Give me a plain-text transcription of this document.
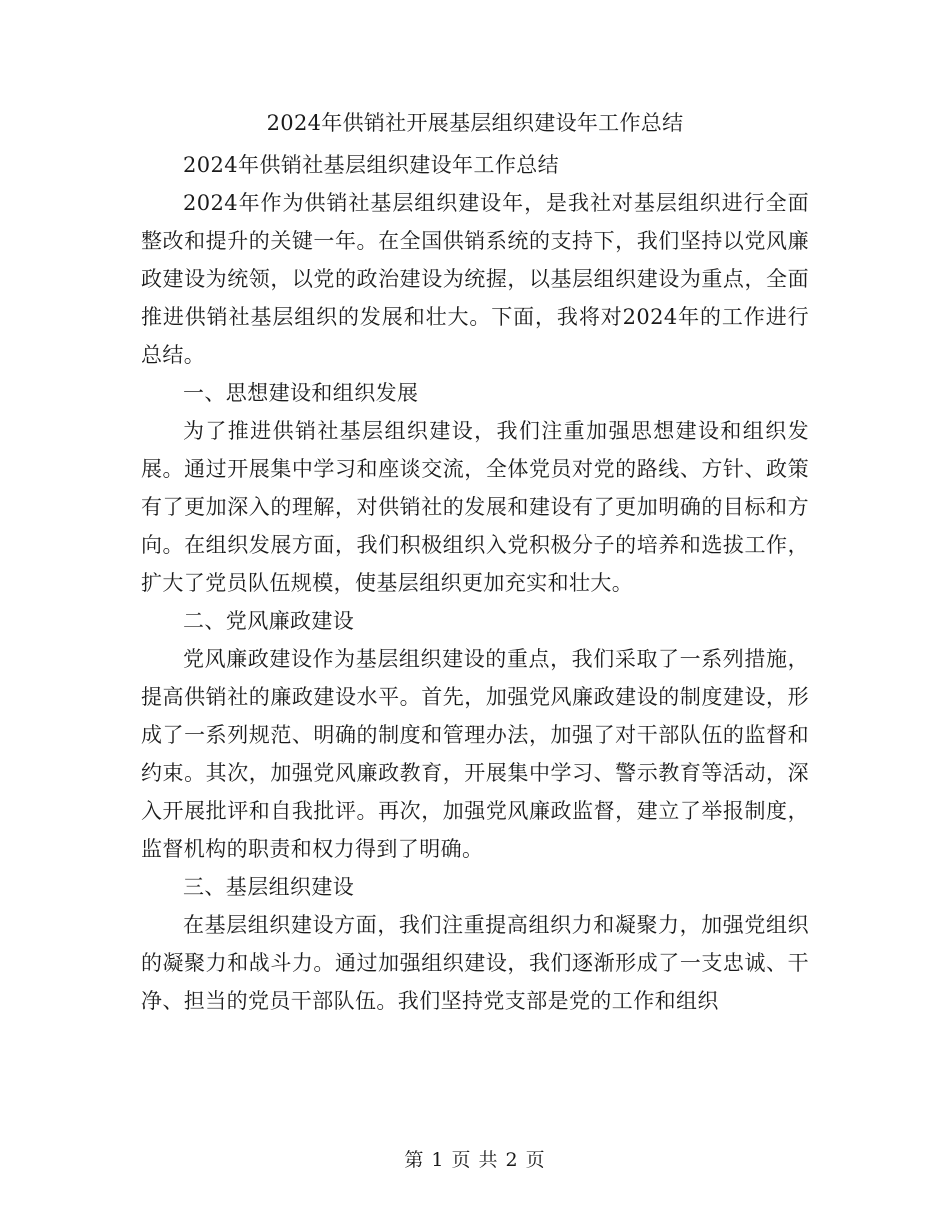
2024年供销社开展基层组织建设年工作总结

2024年供销社基层组织建设年工作总结

2024年作为供销社基层组织建设年，是我社对基层组织进行全面整改和提升的关键一年。在全国供销系统的支持下，我们坚持以党风廉政建设为统领，以党的政治建设为统握，以基层组织建设为重点，全面推进供销社基层组织的发展和壮大。下面，我将对2024年的工作进行总结。

一、思想建设和组织发展

为了推进供销社基层组织建设，我们注重加强思想建设和组织发展。通过开展集中学习和座谈交流，全体党员对党的路线、方针、政策有了更加深入的理解，对供销社的发展和建设有了更加明确的目标和方向。在组织发展方面，我们积极组织入党积极分子的培养和选拔工作，扩大了党员队伍规模，使基层组织更加充实和壮大。

二、党风廉政建设

党风廉政建设作为基层组织建设的重点，我们采取了一系列措施，提高供销社的廉政建设水平。首先，加强党风廉政建设的制度建设，形成了一系列规范、明确的制度和管理办法，加强了对干部队伍的监督和约束。其次，加强党风廉政教育，开展集中学习、警示教育等活动，深入开展批评和自我批评。再次，加强党风廉政监督，建立了举报制度，监督机构的职责和权力得到了明确。

三、基层组织建设

在基层组织建设方面，我们注重提高组织力和凝聚力，加强党组织的凝聚力和战斗力。通过加强组织建设，我们逐渐形成了一支忠诚、干净、担当的党员干部队伍。我们坚持党支部是党的工作和组织

第 1 页 共 2 页
